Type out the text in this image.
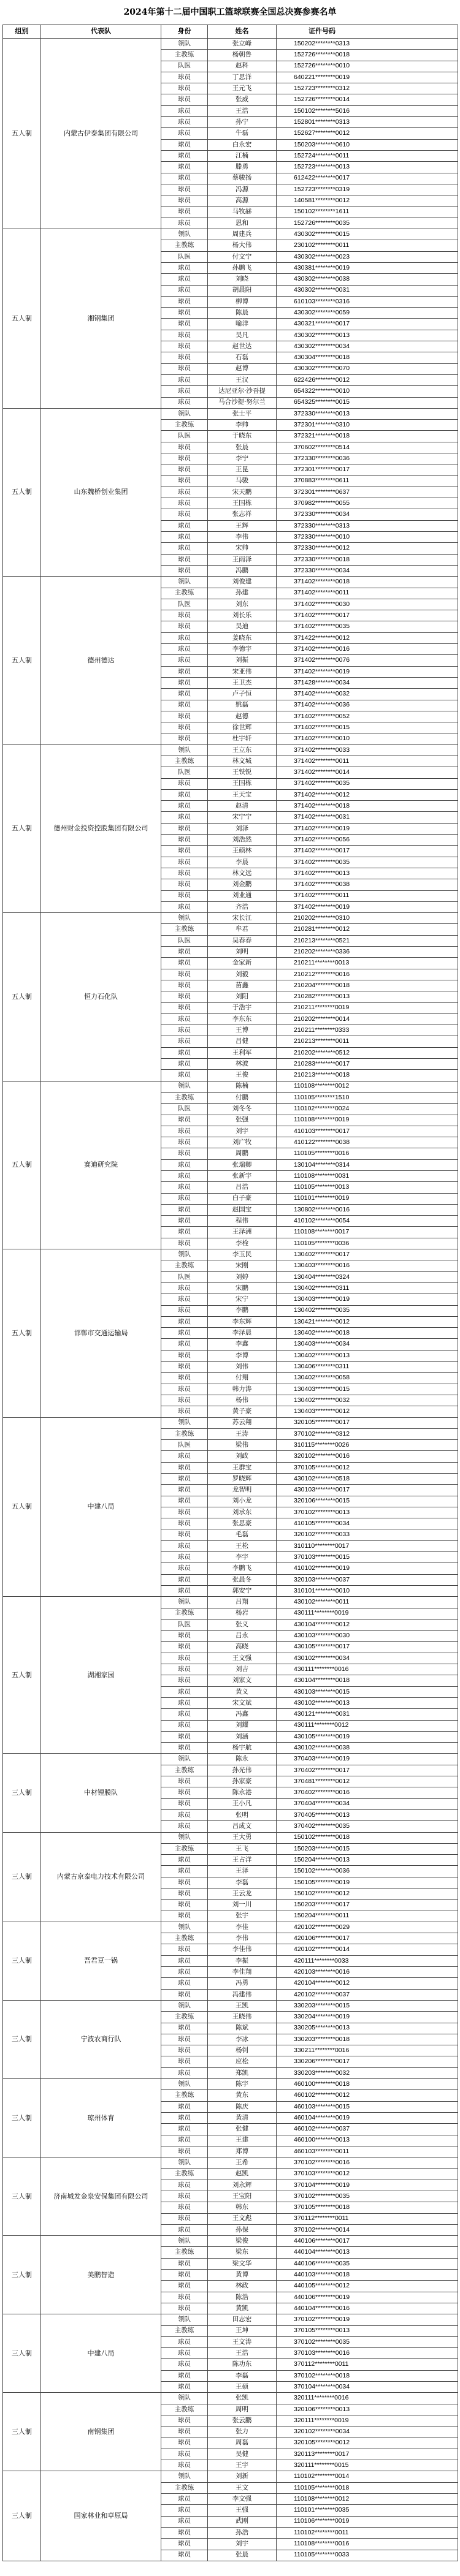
2024年第十二届中国职工篮球联赛全国总决赛参赛名单
组别	代表队	身份	姓名	证件号码
五人制	内蒙古伊泰集团有限公司	领队	张立峰	150202********0313
		主教练	杨朝鲁	152726********0018
		队医	赵科	152726********0010
		球员	丁思洋	640221********0019
		球员	王元飞	152723********0312
		球员	张威	152726********0014
		球员	王浩	150102********5016
		球员	孙宁	152801********0313
		球员	牛磊	152627********0012
		球员	白永宏	150203********0610
		球员	江楠	152724********0011
		球员	滕勇	152723********0013
		球员	蔡骏扬	612422********0017
		球员	冯源	152723********0319
		球员	高源	140581********0012
		球员	马牧赫	150102********1611
		球员	恩和	152726********0035
五人制	湘钢集团	领队	周建兵	430302********0015
		主教练	杨大伟	230102********0011
		队医	付文宁	430302********0023
		球员	孙鹏飞	430381********0019
		球员	刘晓	430302********0038
		球员	胡晨阳	430302********0031
		球员	柳博	610103********0316
		球员	陈晨	430302********0059
		球员	喻洋	430321********0017
		球员	吴凡	430302********0013
		球员	赵世达	430302********0034
		球员	石磊	430304********0018
		球员	赵博	430302********0070
		球员	王汉	622426********0012
		球员	达尼亚尔·沙吾提	654322********0010
		球员	马合沙提·努尔兰	654325********0015
五人制	山东魏桥创业集团	领队	张士平	372330********0013
		主教练	李帅	372301********0310
		队医	于晓东	372321********0018
		球员	张晨	370602********0514
		球员	李宁	372330********0036
		球员	王昆	372301********0017
		球员	马骏	370883********0611
		球员	宋天鹏	372301********0637
		球员	王国栋	370982********0055
		球员	张志祥	372330********0034
		球员	王辉	372330********0313
		球员	李伟	372330********0010
		球员	宋帅	372330********0012
		球员	王雨泽	372330********0018
		球员	冯鹏	372330********0034
五人制	德州德达	领队	刘俊建	371402********0018
		主教练	孙建	371402********0011
		队医	刘东	371402********0030
		球员	刘长乐	371402********0017
		球员	吴迪	371402********0035
		球员	姜晓东	371422********0012
		球员	李德宇	371402********0016
		球员	刘振	371402********0076
		球员	宋亚伟	371402********0019
		球员	王卫杰	371428********0034
		球员	卢子恒	371402********0032
		球员	姚磊	371402********0036
		球员	赵德	371402********0052
		球员	徐世辉	371402********0015
		球员	杜宇轩	371402********0010
五人制	德州财金投资控股集团有限公司	领队	王立东	371402********0033
		主教练	林文城	371402********0011
		队医	王铁锐	371402********0014
		球员	王国栋	371402********0035
		球员	王天宝	371402********0012
		球员	赵清	371402********0018
		球员	宋宁宁	371402********0031
		球员	刘泽	371402********0019
		球员	刘浩然	371402********0056
		球员	王硕林	371402********0017
		球员	李晨	371402********0035
		球员	林文远	371402********0013
		球员	刘金鹏	371402********0038
		球员	刘业通	371402********0011
		球员	齐浩	371402********0019
五人制	恒力石化队	领队	宋长江	210202********0310
		主教练	牟君	210281********0012
		队医	吴春春	210213********0521
		球员	刘明	210202********0336
		球员	金家新	210211********0013
		球员	刘毅	210212********0016
		球员	苗鑫	210204********0018
		球员	刘阳	210282********0013
		球员	于浩宇	210211********0019
		球员	李东东	210202********0014
		球员	王博	210211********0333
		球员	吕健	210213********0011
		球员	王利军	210202********0512
		球员	林波	210283********0017
		球员	王俊	210213********0018
五人制	赛迪研究院	领队	陈楠	110108********0012
		主教练	付鹏	110105********1510
		队医	刘冬冬	110102********0024
		球员	张强	110108********0019
		球员	刘宇	410103********0017
		球员	刘广牧	410122********0038
		球员	周鹏	110105********0016
		球员	张瑞卿	130104********0314
		球员	张新宇	110108********0031
		球员	吕浩	110105********0013
		球员	白子豪	110101********0019
		球员	赵国宝	130802********0016
		球员	程伟	410102********0054
		球员	王泽洲	110108********0017
		球员	李栓	110105********0036
五人制	邯郸市交通运输局	领队	李玉民	130402********0017
		主教练	宋刚	130403********0016
		队医	刘婷	130404********0324
		球员	宋鹏	130402********0311
		球员	宋宁	130403********0019
		球员	李鹏	130402********0035
		球员	李东辉	130421********0012
		球员	李泽晨	130402********0018
		球员	李鑫	130403********0034
		球员	李博	130402********0013
		球员	刘伟	130406********0311
		球员	付翔	130402********0058
		球员	韩力涛	130403********0015
		球员	杨伟	130402********0032
		球员	黄子豪	130403********0012
五人制	中建八局	领队	苏云翔	320105********0017
		主教练	王涛	370102********0312
		队医	梁伟	310115********0026
		球员	刘政	320102********0016
		球员	王群宝	370105********0012
		球员	罗晓辉	430102********0518
		球员	龙智明	430103********0017
		球员	刘小龙	320106********0015
		球员	刘承东	370102********0013
		球员	张思豪	410105********0034
		球员	毛磊	320102********0033
		球员	王松	310110********0017
		球员	李宇	370103********0015
		球员	李鹏飞	410102********0019
		球员	张晨冬	320103********0037
		球员	郭安宁	310101********0010
五人制	湖湘家园	领队	吕翔	430102********0011
		主教练	杨岩	430111********0019
		队医	张义	430104********0012
		球员	吕永	430103********0030
		球员	高晓	430105********0017
		球员	王文强	430102********0034
		球员	刘吉	430111********0016
		球员	刘家文	430104********0018
		球员	黄义	430103********0015
		球员	宋文斌	430102********0013
		球员	冯鑫	430121********0031
		球员	刘耀	430111********0012
		球员	刘涵	430105********0019
		球员	杨宇航	430102********0038
三人制	中材锂膜队	领队	陈永	370403********0019
		主教练	孙光伟	370402********0017
		球员	孙家豪	370481********0012
		球员	陈永港	370402********0016
		球员	王小凡	370404********0034
		球员	张明	370405********0013
		球员	吕成文	370402********0035
三人制	内蒙古京泰电力技术有限公司	领队	王大勇	150102********0018
		主教练	王飞	150203********0015
		球员	王占洋	150204********0013
		球员	王泽	150102********0036
		球员	李磊	150105********0019
		球员	王云龙	150102********0012
		球员	刘一川	150203********0017
		球员	张宇	150204********0011
三人制	吾君豆一锅	领队	李佳	420102********0029
		主教练	李伟	420106********0017
		球员	李佳伟	420102********0014
		球员	李振	420111********0033
		球员	李佳翔	420103********0016
		球员	冯勇	420104********0012
		球员	冯建伟	420102********0037
三人制	宁波农商行队	领队	王凯	330203********0015
		主教练	王晓伟	330204********0019
		球员	陈斌	330205********0013
		球员	李冰	330203********0018
		球员	杨钊	330211********0016
		球员	应松	330206********0017
		球员	郑凯	330203********0032
三人制	琼州体育	领队	陈宇	460100********0018
		主教练	黄东	460102********0012
		球员	陈庆	460103********0015
		球员	黄清	460104********0019
		球员	张健	460102********0037
		球员	王建	460100********0013
		球员	郑博	460103********0011
三人制	济南城发金泉安保集团有限公司	领队	王希	370102********0016
		主教练	赵凯	370103********0012
		球员	刘永辉	370104********0019
		球员	王宝阳	370102********0035
		球员	韩东	370105********0018
		球员	王文彪	370112********0011
		球员	孙保	370102********0014
三人制	美鹏智造	领队	梁俊	440106********0017
		主教练	梁东	440104********0013
		球员	梁文华	440106********0035
		球员	黄博	440103********0018
		球员	林政	440105********0012
		球员	陈浩	440106********0019
		球员	黄凯	440104********0016
三人制	中建八局	领队	田志宏	370102********0019
		主教练	王坤	370105********0013
		球员	王文涛	370102********0035
		球员	王浩	370103********0016
		球员	陈功东	370112********0011
		球员	李磊	370102********0018
		球员	王硕	370104********0034
三人制	南钢集团	领队	张凯	320111********0016
		主教练	周明	320106********0013
		球员	张云鹏	320111********0019
		球员	张力	320102********0034
		球员	周磊	320105********0012
		球员	吴健	320113********0017
		球员	王宇	320111********0015
三人制	国家林业和草原局	领队	刘新	110102********0014
		主教练	王文	110105********0018
		球员	李文强	110108********0012
		球员	王强	110101********0035
		球员	武刚	110106********0019
		球员	孙浩	110102********0011
		球员	刘宇	110108********0016
		球员	张晨	110105********0033
